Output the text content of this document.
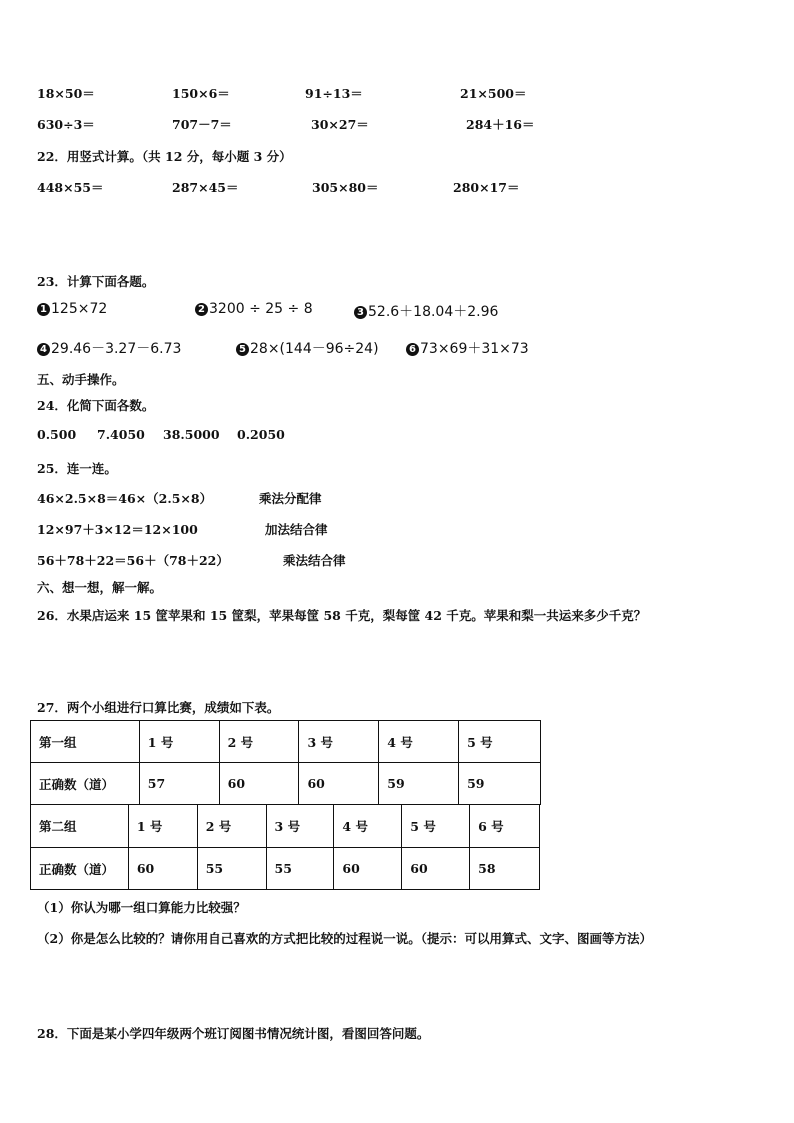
18×50＝	150×6＝	91÷13＝	21×500＝
630÷3＝	707－7＝	30×27＝	284＋16＝
22．用竖式计算。（共 12 分，每小题 3 分）
448×55＝	287×45＝	305×80＝	280×17＝
23．计算下面各题。
1 125×72	2 3200 ÷ 25 ÷ 8	3 52.6＋18.04＋2.96
4 29.46－3.27－6.73	5 28×(144－96÷24)	6 73×69＋31×73
五、动手操作。
24．化简下面各数。
0.500 7.4050 38.5000 0.2050
25．连一连。
46×2.5×8＝46×（2.5×8）
12×97＋3×12＝12×100
56＋78＋22＝56＋（78＋22）
乘法分配律
加法结合律
乘法结合律
六、想一想，解一解。
26．水果店运来 15 筐苹果和 15 筐梨，苹果每筐 58 千克，梨每筐 42 千克。苹果和梨一共运来多少千克？
27．两个小组进行口算比赛，成绩如下表。
第一组	1 号	2 号	3 号	4 号	5 号
正确数（道）	57	60	60	59	59
第二组	1 号	2 号	3 号	4 号	5 号	6 号
正确数（道）	60	55	55	60	60	58
（1）你认为哪一组口算能力比较强？
（2）你是怎么比较的？请你用自己喜欢的方式把比较的过程说一说。（提示：可以用算式、文字、图画等方法）
28．下面是某小学四年级两个班订阅图书情况统计图，看图回答问题。
